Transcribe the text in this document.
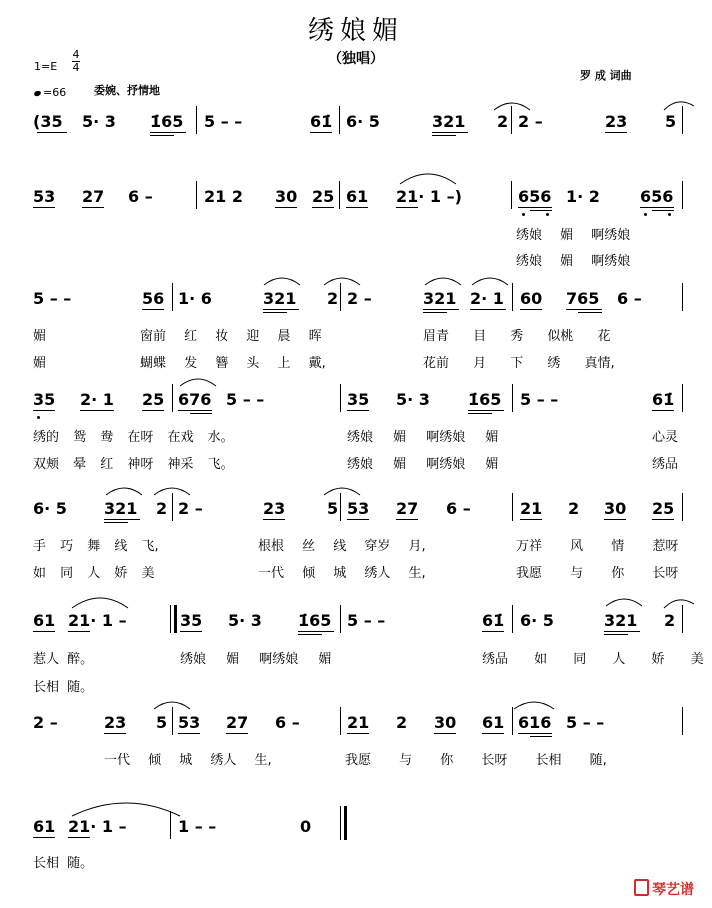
绣娘媚
（独唱）
1=E
4
4
=66	委婉、抒情地
罗 成 词曲
(35 5· 3 1̇65 5 – –	61̇ 6· 5	321 2 2 –	23 5
53 27 6 –	21 2 30 25 61 21· 1 –)	656 1· 2	656
绣娘 媚 啊绣娘
绣娘 媚 啊绣娘
5 – –	56 1· 6	321 2 2 –	321 2· 1 60 765 6 –
媚	窗前 红 妆 迎 晨 晖	眉青 目 秀 似桃 花
媚	蝴蝶 发 簪 头 上 戴,	花前 月 下 绣 真情,
35 2· 1 25 676 5 – –	35 5· 3 1̇65 5 – –	61̇
绣的 鸳 鸯 在呀 在戏 水。	绣娘 媚 啊绣娘 媚	心灵
双颊 晕 红 神呀 神采 飞。	绣娘 媚 啊绣娘 媚	绣品
6· 5 321 2 2 –	23	5 53 27 6 –	21 2 30 25
手 巧 舞 线 飞,	根根 丝 线 穿岁 月,	万祥 风 情 惹呀
如 同 人 娇 美	一代 倾 城 绣人 生,	我愿 与 你 长呀
61 21· 1 –	35 5· 3 1̇65 5 – –	61̇ 6· 5	321 2
惹人 醉。	绣娘 媚 啊绣娘 媚	绣品 如 同 人 娇 美
长相 随。
2 –	23 5 53 27 6 –	21 2 30 61 616 5 – –
一代 倾 城 绣人 生,	我愿 与 你 长呀 长相 随,
61 21· 1 –	1 – –	0
长相 随。
琴艺谱
